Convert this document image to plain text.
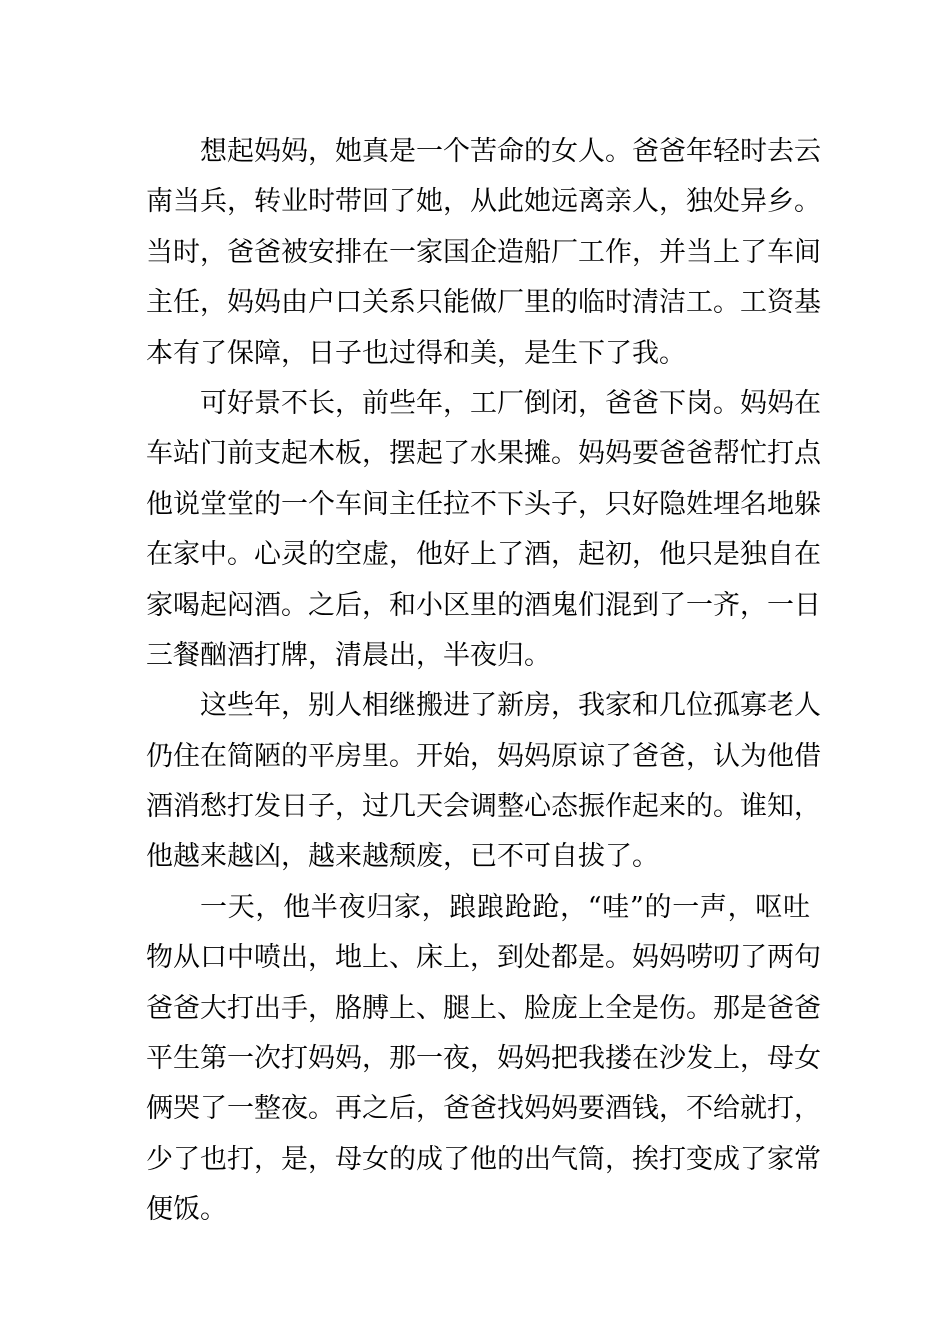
想起妈妈，她真是一个苦命的女人。爸爸年轻时去云
南当兵，转业时带回了她，从此她远离亲人，独处异乡。
当时，爸爸被安排在一家国企造船厂工作，并当上了车间
主任，妈妈由户口关系只能做厂里的临时清洁工。工资基
本有了保障，日子也过得和美，是生下了我。
可好景不长，前些年，工厂倒闭，爸爸下岗。妈妈在
车站门前支起木板，摆起了水果摊。妈妈要爸爸帮忙打点
他说堂堂的一个车间主任拉不下头子，只好隐姓埋名地躲
在家中。心灵的空虚，他好上了酒，起初，他只是独自在
家喝起闷酒。之后，和小区里的酒鬼们混到了一齐，一日
三餐酗酒打牌，清晨出，半夜归。
这些年，别人相继搬进了新房，我家和几位孤寡老人
仍住在简陋的平房里。开始，妈妈原谅了爸爸，认为他借
酒消愁打发日子，过几天会调整心态振作起来的。谁知，
他越来越凶，越来越颓废，已不可自拔了。
一天，他半夜归家，踉踉跄跄，“哇”的一声，呕吐
物从口中喷出，地上、床上，到处都是。妈妈唠叨了两句
爸爸大打出手，胳膊上、腿上、脸庞上全是伤。那是爸爸
平生第一次打妈妈，那一夜，妈妈把我搂在沙发上，母女
俩哭了一整夜。再之后，爸爸找妈妈要酒钱，不给就打，
少了也打，是，母女的成了他的出气筒，挨打变成了家常
便饭。
